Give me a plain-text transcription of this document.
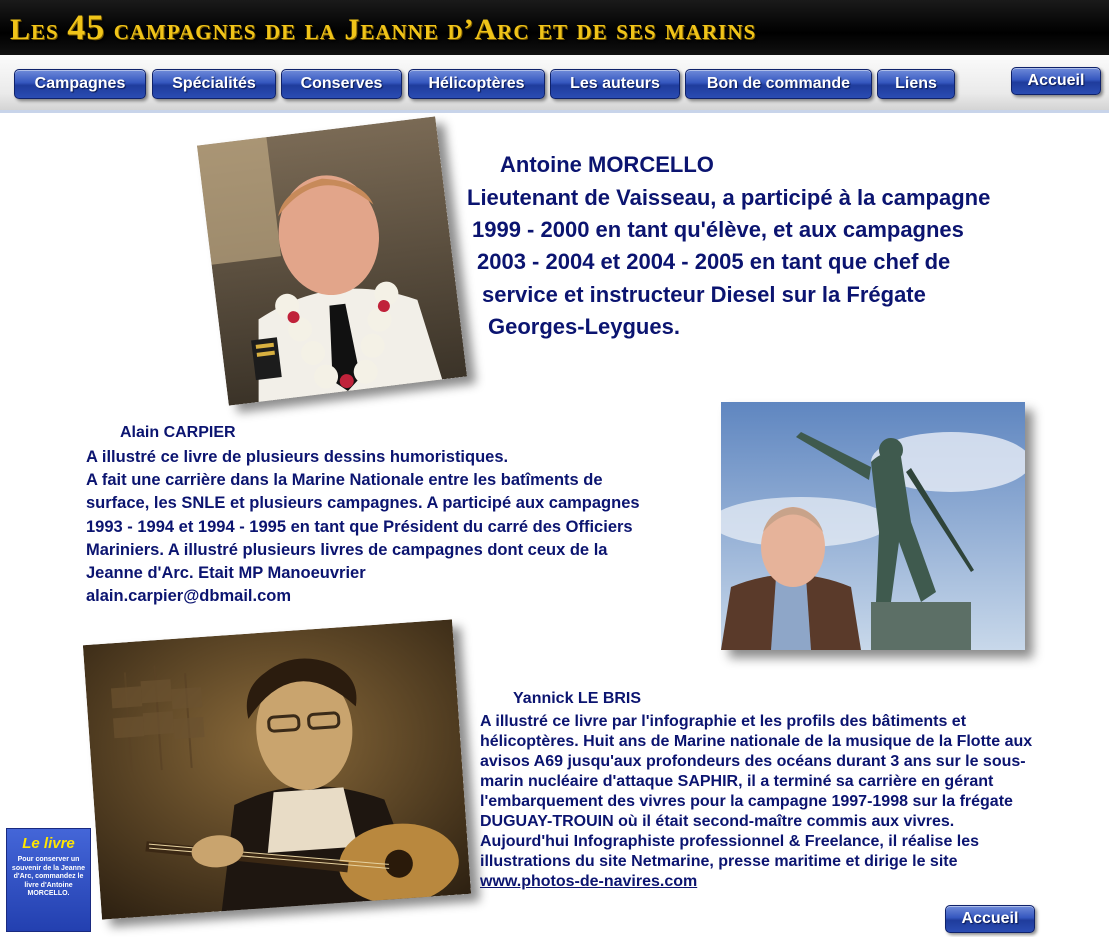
Les 45 campagnes de la Jeanne d’Arc et de ses marins
Campagnes	Spécialités	Conserves	Hélicoptères	Les auteurs	Bon de commande	Liens	Accueil
Antoine MORCELLO
Lieutenant de Vaisseau, a participé à la campagne
1999 - 2000 en tant qu'élève, et aux campagnes
2003 - 2004 et 2004 - 2005 en tant que chef de
service et instructeur Diesel sur la Frégate
Georges-Leygues.
Alain CARPIER
A illustré ce livre de plusieurs dessins humoristiques.
A fait une carrière dans la Marine Nationale entre les batîments de
surface, les SNLE et plusieurs campagnes. A participé aux campagnes
1993 - 1994 et 1994 - 1995 en tant que Président du carré des Officiers
Mariniers. A illustré plusieurs livres de campagnes dont ceux de la
Jeanne d'Arc. Etait MP Manoeuvrier
alain.carpier@dbmail.com
Yannick LE BRIS
A illustré ce livre par l'infographie et les profils des bâtiments et
hélicoptères. Huit ans de Marine nationale de la musique de la Flotte aux
avisos A69 jusqu'aux profondeurs des océans durant 3 ans sur le sous-
marin nucléaire d'attaque SAPHIR, il a terminé sa carrière en gérant
l'embarquement des vivres pour la campagne 1997-1998 sur la frégate
DUGUAY-TROUIN où il était second-maître commis aux vivres.
Aujourd'hui Infographiste professionnel & Freelance, il réalise les
illustrations du site Netmarine, presse maritime et dirige le site
www.photos-de-navires.com
Le livre
Pour conserver un souvenir de la Jeanne d'Arc, commandez le livre d'Antoine MORCELLO.
Accueil
